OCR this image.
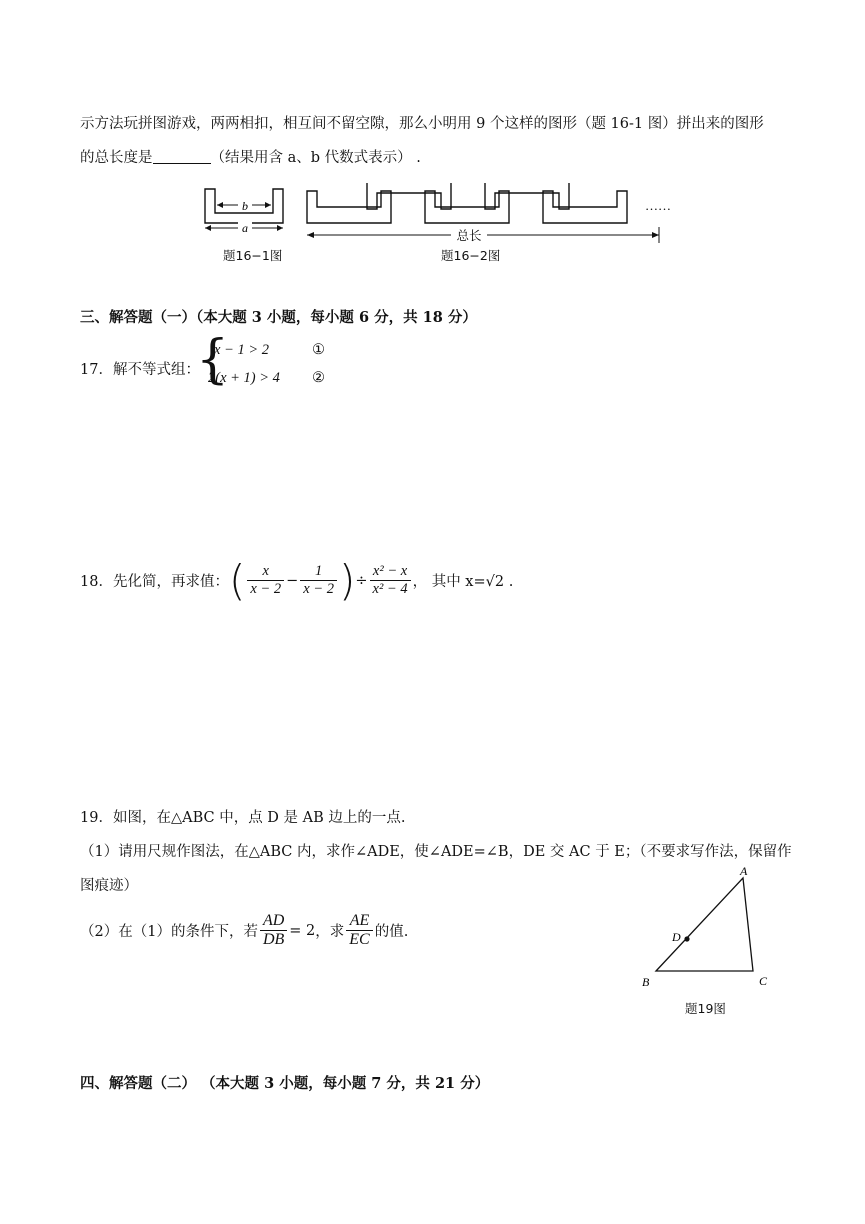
示方法玩拼图游戏，两两相扣，相互间不留空隙，那么小明用 9 个这样的图形（题 16-1 图）拼出来的图形
的总长度是	（结果用含 a、b 代数式表示） .
b
a
……
总长
题16−1图	题16−2图
三、解答题（一）（本大题 3 小题，每小题 6 分，共 18 分）
17．解不等式组：
{
x − 1 > 2	①
2(x + 1) > 4 ②
18．先化简，再求值： ( $\frac{x}{x - 2} - \frac{1}{x - 2}$ ) ÷ $\frac{\text{x² − x}}{\text{x² − 4}}$ ， 其中 x=√2 .
19．如图，在△ABC 中，点 D 是 AB 边上的一点.
（1）请用尺规作图法，在△ABC 内，求作∠ADE，使∠ADE=∠B，DE 交 AC 于 E；（不要求写作法，保留作
图痕迹）
（2）在（1）的条件下，若 $\frac{AD}{DB} = 2$ ，求 $\frac{AE}{EC}$ 的值.
A
B	C
D
题19图
四、解答题（二） （本大题 3 小题，每小题 7 分，共 21 分）
